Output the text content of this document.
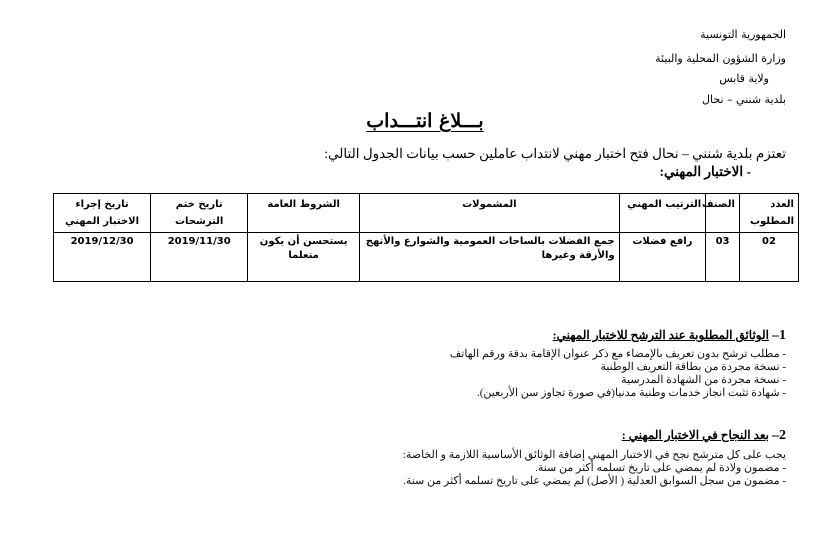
الجمهورية التونسية
وزارة الشؤون المحلية والبيئة
ولاية قابس
بلدية شنني – نحال
بـــلاغ انتـــداب
تعتزم بلدية شنني – نحال فتح اختبار مهني لانتداب عاملين حسب بيانات الجدول التالي:
- الاختبار المهني:
العدد المطلوب	الصنف	الترتيب المهني	المشمولات	الشروط العامة	تاريخ ختم الترشحات	تاريخ إجراء الاختبار المهني
02	03	رافع فضلات	جمع الفضلات بالساحات العمومية والشوارع والأنهج والأزقة وغيرها	يستحسن أن يكون متعلما	2019/11/30	2019/12/30
1– الوثائق المطلوبة عند الترشح للاختبار المهني:
- مطلب ترشح بدون تعريف بالإمضاء مع ذكر عنوان الإقامة بدقة ورقم الهاتف
- نسخة مجردة من بطاقة التعريف الوطنية
- نسخة مجردة من الشهادة المدرسية
- شهادة تثبت انجاز خدمات وطنية مدنيا(في صورة تجاوز سن الأربعين).
2– بعد النجاح في الاختبار المهني :
يجب على كل مترشح نجح في الاختبار المهني إضافة الوثائق الأساسية اللازمة و الخاصة:
- مضمون ولادة لم يمضي على تاريخ تسلمه أكثر من سنة.
- مضمون من سجل السوابق العدلية ( الأصل) لم يمضي على تاريخ تسلمه أكثر من سنة.
